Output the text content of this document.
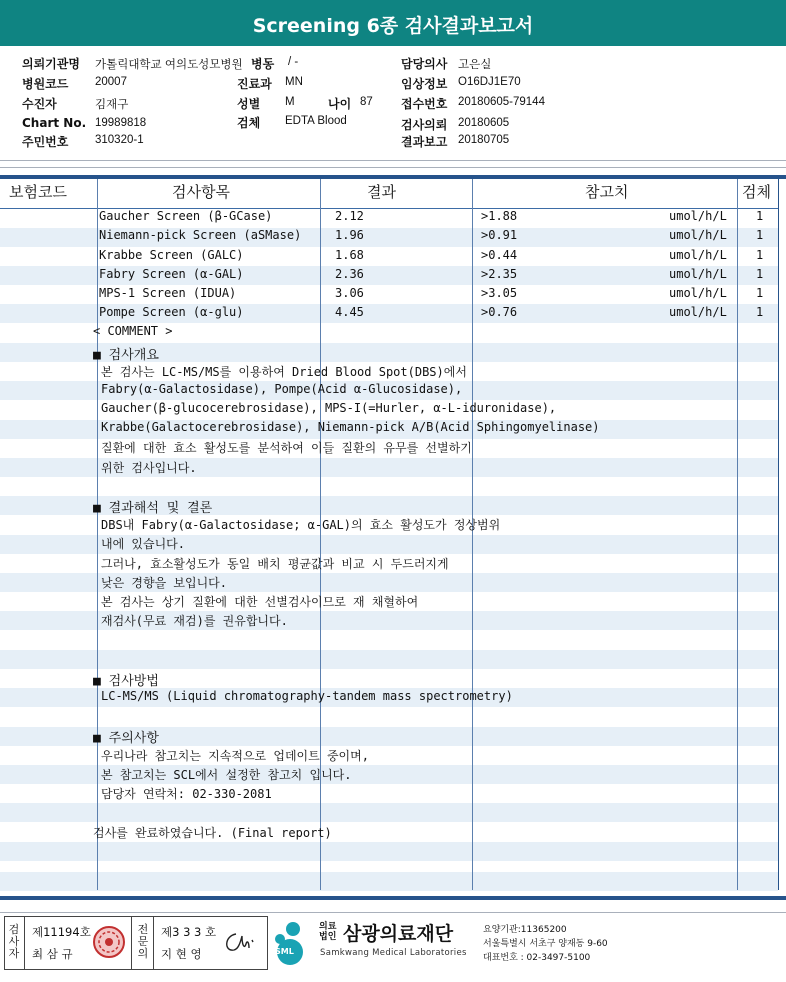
Screening 6종 검사결과보고서
의뢰기관명 가톨릭대학교 여의도성모병원 병동 / -	담당의사 고은실
병원코드 20007	진료과 MN	임상정보 O16DJ1E70
수진자	김재구	성별 M	나이 87 접수번호 20180605-79144
Chart No. 19989818	검체 EDTA Blood	검사의뢰 20180605
주민번호 310320-1	결과보고 20180705
보험코드	검사항목	결과	참고치	검체
Gaucher Screen (β-GCase)	2.12	>1.88	umol/h/L 1
Niemann-pick Screen (aSMase)	1.96	>0.91	umol/h/L 1
Krabbe Screen (GALC)	1.68	>0.44	umol/h/L 1
Fabry Screen (α-GAL)	2.36	>2.35	umol/h/L 1
MPS-1 Screen (IDUA)	3.06	>3.05	umol/h/L 1
Pompe Screen (α-glu)	4.45	>0.76	umol/h/L 1
< COMMENT >
■ 검사개요
본 검사는 LC-MS/MS를 이용하여 Dried Blood Spot(DBS)에서
Fabry(α-Galactosidase), Pompe(Acid α-Glucosidase),
Gaucher(β-glucocerebrosidase), MPS-I(=Hurler, α-L-iduronidase),
Krabbe(Galactocerebrosidase), Niemann-pick A/B(Acid Sphingomyelinase)
질환에 대한 효소 활성도를 분석하여 이들 질환의 유무를 선별하기
위한 검사입니다.
■ 결과해석 및 결론
DBS내 Fabry(α-Galactosidase; α-GAL)의 효소 활성도가 정상범위
내에 있습니다.
그러나, 효소활성도가 동일 배치 평균값과 비교 시 두드러지게
낮은 경향을 보입니다.
본 검사는 상기 질환에 대한 선별검사이므로 재 채혈하여
재검사(무료 재검)를 권유합니다.
■ 검사방법
LC-MS/MS (Liquid chromatography-tandem mass spectrometry)
■ 주의사항
우리나라 참고치는 지속적으로 업데이트 중이며,
본 참고치는 SCL에서 설정한 참고치 입니다.
담당자 연락처: 02-330-2081
검사를 완료하였습니다. (Final report)
검사자
제11194호
최 삼 규
전문의
제3 3 3 호
지 현 영	SML
의료법인 삼광의료재단
Samkwang Medical Laboratories
요양기관:11365200
서울특별시 서초구 양재동 9-60
대표번호 : 02-3497-5100
